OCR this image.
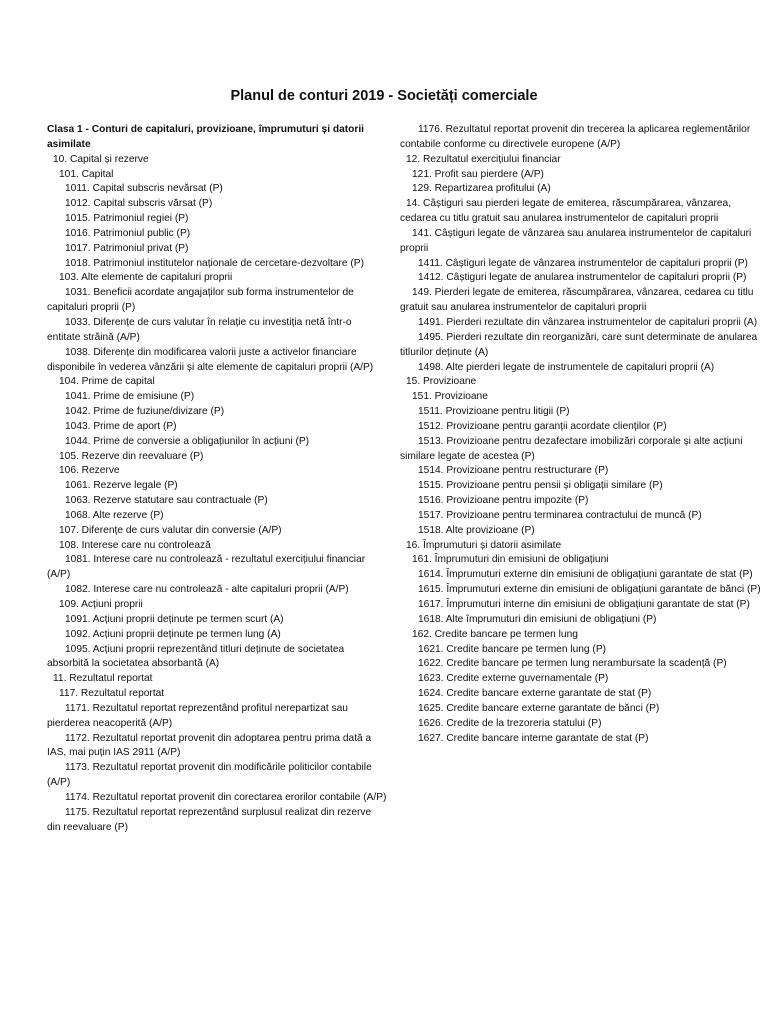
Planul de conturi 2019 - Societăți comerciale

Clasa 1 - Conturi de capitaluri, provizioane, împrumuturi și datorii asimilate

10. Capital și rezerve

101. Capital

1011. Capital subscris nevărsat (P)

1012. Capital subscris vărsat (P)

1015. Patrimoniul regiei (P)

1016. Patrimoniul public (P)

1017. Patrimoniul privat (P)

1018. Patrimoniul institutelor naționale de cercetare-dezvoltare (P)

103. Alte elemente de capitaluri proprii

1031. Beneficii acordate angajaților sub forma instrumentelor de capitaluri proprii (P)

1033. Diferențe de curs valutar în relație cu investiția netă într-o entitate străină (A/P)

1038. Diferențe din modificarea valorii juste a activelor financiare disponibile în vederea vânzării și alte elemente de capitaluri proprii (A/P)

104. Prime de capital

1041. Prime de emisiune (P)

1042. Prime de fuziune/divizare (P)

1043. Prime de aport (P)

1044. Prime de conversie a obligațiunilor în acțiuni (P)

105. Rezerve din reevaluare (P)

106. Rezerve

1061. Rezerve legale (P)

1063. Rezerve statutare sau contractuale (P)

1068. Alte rezerve (P)

107. Diferențe de curs valutar din conversie (A/P)

108. Interese care nu controlează

1081. Interese care nu controlează - rezultatul exercițiului financiar (A/P)

1082. Interese care nu controlează - alte capitaluri proprii (A/P)

109. Acțiuni proprii

1091. Acțiuni proprii deținute pe termen scurt (A)

1092. Acțiuni proprii deținute pe termen lung (A)

1095. Acțiuni proprii reprezentând titluri deținute de societatea absorbită la societatea absorbantă (A)

11. Rezultatul reportat

117. Rezultatul reportat

1171. Rezultatul reportat reprezentând profitul nerepartizat sau pierderea neacoperită (A/P)

1172. Rezultatul reportat provenit din adoptarea pentru prima dată a IAS, mai puțin IAS 2911 (A/P)

1173. Rezultatul reportat provenit din modificările politicilor contabile (A/P)

1174. Rezultatul reportat provenit din corectarea erorilor contabile (A/P)

1175. Rezultatul reportat reprezentând surplusul realizat din rezerve din reevaluare (P)

1176. Rezultatul reportat provenit din trecerea la aplicarea reglementărilor contabile conforme cu directivele europene (A/P)

12. Rezultatul exercițiului financiar

121. Profit sau pierdere (A/P)

129. Repartizarea profitului (A)

14. Câștiguri sau pierderi legate de emiterea, răscumpărarea, vânzarea, cedarea cu titlu gratuit sau anularea instrumentelor de capitaluri proprii

141. Câștiguri legate de vânzarea sau anularea instrumentelor de capitaluri proprii

1411. Câștiguri legate de vânzarea instrumentelor de capitaluri proprii (P)

1412. Câștiguri legate de anularea instrumentelor de capitaluri proprii (P)

149. Pierderi legate de emiterea, răscumpărarea, vânzarea, cedarea cu titlu gratuit sau anularea instrumentelor de capitaluri proprii

1491. Pierderi rezultate din vânzarea instrumentelor de capitaluri proprii (A)

1495. Pierderi rezultate din reorganizări, care sunt determinate de anularea titlurilor deținute (A)

1498. Alte pierderi legate de instrumentele de capitaluri proprii (A)

15. Provizioane

151. Provizioane

1511. Provizioane pentru litigii (P)

1512. Provizioane pentru garanții acordate clienților (P)

1513. Provizioane pentru dezafectare imobilizări corporale și alte acțiuni similare legate de acestea (P)

1514. Provizioane pentru restructurare (P)

1515. Provizioane pentru pensii și obligații similare (P)

1516. Provizioane pentru impozite (P)

1517. Provizioane pentru terminarea contractului de muncă (P)

1518. Alte provizioane (P)

16. Împrumuturi și datorii asimilate

161. Împrumuturi din emisiuni de obligațiuni

1614. Împrumuturi externe din emisiuni de obligațiuni garantate de stat (P)

1615. Împrumuturi externe din emisiuni de obligațiuni garantate de bănci (P)

1617. Împrumuturi interne din emisiuni de obligațiuni garantate de stat (P)

1618. Alte împrumuturi din emisiuni de obligațiuni (P)

162. Credite bancare pe termen lung

1621. Credite bancare pe termen lung (P)

1622. Credite bancare pe termen lung nerambursate la scadență (P)

1623. Credite externe guvernamentale (P)

1624. Credite bancare externe garantate de stat (P)

1625. Credite bancare externe garantate de bănci (P)

1626. Credite de la trezoreria statului (P)

1627. Credite bancare interne garantate de stat (P)
